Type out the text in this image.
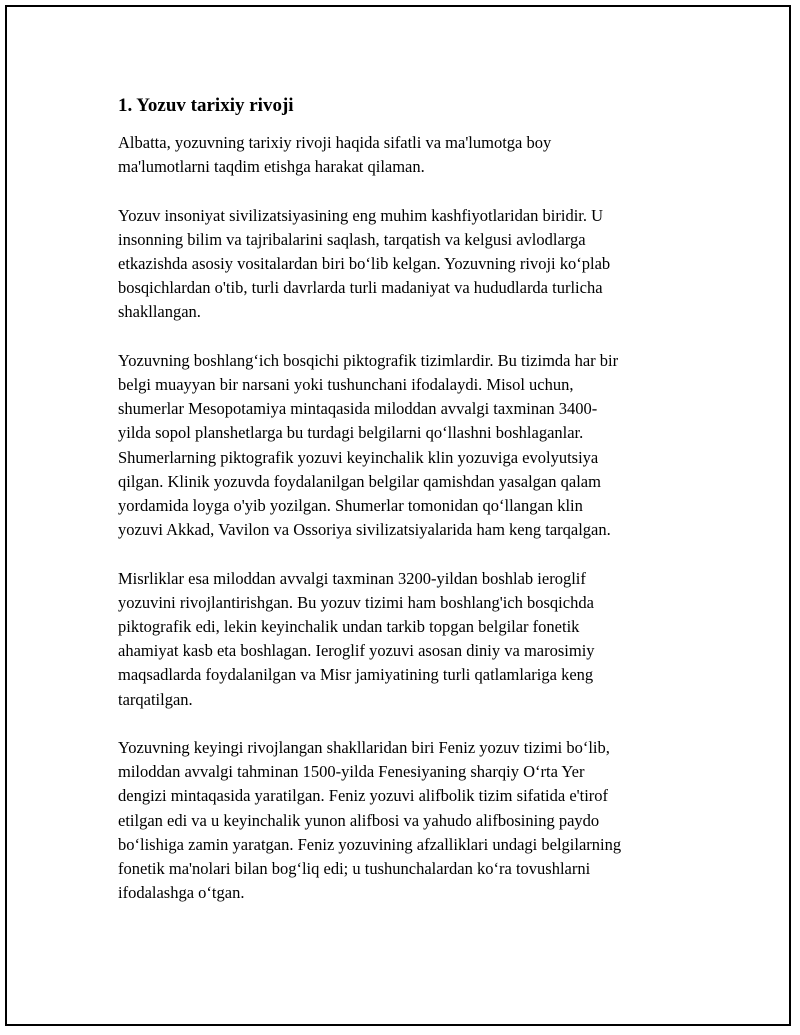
1. Yozuv tarixiy rivoji

Albatta, yozuvning tarixiy rivoji haqida sifatli va ma'lumotga boy
ma'lumotlarni taqdim etishga harakat qilaman.

Yozuv insoniyat sivilizatsiyasining eng muhim kashfiyotlaridan biridir. U
insonning bilim va tajribalarini saqlash, tarqatish va kelgusi avlodlarga
etkazishda asosiy vositalardan biri bo‘lib kelgan. Yozuvning rivoji ko‘plab
bosqichlardan o'tib, turli davrlarda turli madaniyat va hududlarda turlicha
shakllangan.

Yozuvning boshlang‘ich bosqichi piktografik tizimlardir. Bu tizimda har bir
belgi muayyan bir narsani yoki tushunchani ifodalaydi. Misol uchun,
shumerlar Mesopotamiya mintaqasida miloddan avvalgi taxminan 3400-
yilda sopol planshetlarga bu turdagi belgilarni qo‘llashni boshlaganlar.
Shumerlarning piktografik yozuvi keyinchalik klin yozuviga evolyutsiya
qilgan. Klinik yozuvda foydalanilgan belgilar qamishdan yasalgan qalam
yordamida loyga o'yib yozilgan. Shumerlar tomonidan qo‘llangan klin
yozuvi Akkad, Vavilon va Ossoriya sivilizatsiyalarida ham keng tarqalgan.

Misrliklar esa miloddan avvalgi taxminan 3200-yildan boshlab ieroglif
yozuvini rivojlantirishgan. Bu yozuv tizimi ham boshlang'ich bosqichda
piktografik edi, lekin keyinchalik undan tarkib topgan belgilar fonetik
ahamiyat kasb eta boshlagan. Ieroglif yozuvi asosan diniy va marosimiy
maqsadlarda foydalanilgan va Misr jamiyatining turli qatlamlariga keng
tarqatilgan.

Yozuvning keyingi rivojlangan shakllaridan biri Feniz yozuv tizimi bo‘lib,
miloddan avvalgi tahminan 1500-yilda Fenesiyaning sharqiy O‘rta Yer
dengizi mintaqasida yaratilgan. Feniz yozuvi alifbolik tizim sifatida e'tirof
etilgan edi va u keyinchalik yunon alifbosi va yahudo alifbosining paydo
bo‘lishiga zamin yaratgan. Feniz yozuvining afzalliklari undagi belgilarning
fonetik ma'nolari bilan bog‘liq edi; u tushunchalardan ko‘ra tovushlarni
ifodalashga o‘tgan.
